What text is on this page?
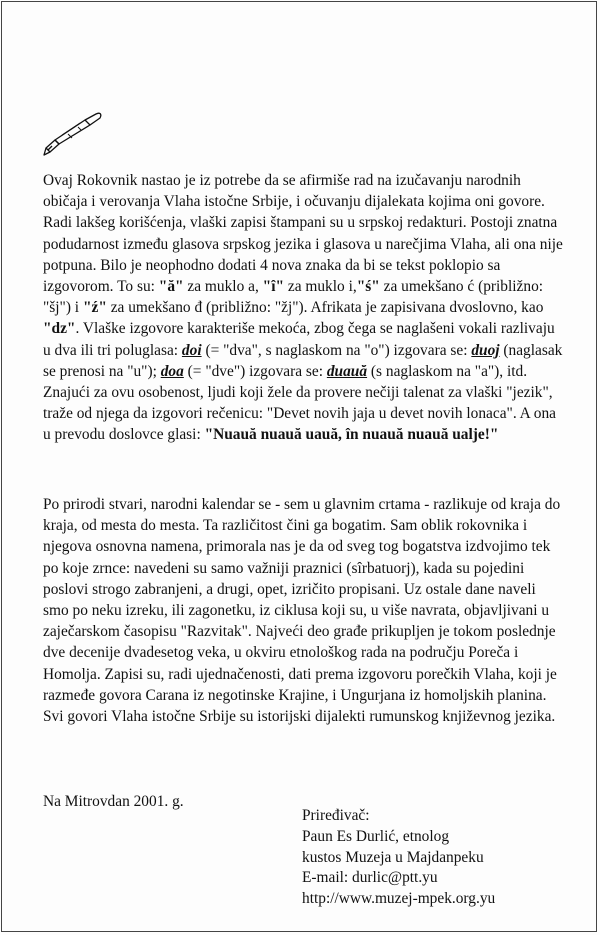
Ovaj Rokovnik nastao je iz potrebe da se afirmiše rad na izučavanju narodnih običaja i verovanja Vlaha istočne Srbije, i očuvanju dijalekata kojima oni govore. Radi lakšeg korišćenja, vlaški zapisi štampani su u srpskoj redakturi. Postoji znatna podudarnost između glasova srpskog jezika i glasova u narečjima Vlaha, ali ona nije potpuna. Bilo je neophodno dodati 4 nova znaka da bi se tekst poklopio sa izgovorom. To su: "ă" za muklo a, "î" za muklo i,"ś" za umekšano ć (približno: "šj") i "ź" za umekšano đ (približno: "žj"). Afrikata je zapisivana dvoslovno, kao "dz". Vlaške izgovore karakteriše mekoća, zbog čega se naglašeni vokali razlivaju u dva ili tri poluglasa: doi (= "dva", s naglaskom na "o") izgovara se: duoj (naglasak se prenosi na "u"); doa (= "dve") izgovara se: duauă (s naglaskom na "a"), itd. Znajući za ovu osobenost, ljudi koji žele da provere nečiji talenat za vlaški "jezik", traže od njega da izgovori rečenicu: "Devet novih jaja u devet novih lonaca". A ona u prevodu doslovce glasi: "Nuauă nuauă uauă, în nuauă nuauă ualje!"

Po prirodi stvari, narodni kalendar se - sem u glavnim crtama - razlikuje od kraja do kraja, od mesta do mesta. Ta različitost čini ga bogatim. Sam oblik rokovnika i njegova osnovna namena, primorala nas je da od sveg tog bogatstva izdvojimo tek po koje zrnce: navedeni su samo važniji praznici (sîrbatuorj), kada su pojedini poslovi strogo zabranjeni, a drugi, opet, izričito propisani. Uz ostale dane naveli smo po neku izreku, ili zagonetku, iz ciklusa koji su, u više navrata, objavljivani u zaječarskom časopisu "Razvitak". Najveći deo građe prikupljen je tokom poslednje dve decenije dvadesetog veka, u okviru etnološkog rada na području Poreča i Homolja. Zapisi su, radi ujednačenosti, dati prema izgovoru porečkih Vlaha, koji je razmeđe govora Carana iz negotinske Krajine, i Ungurjana iz homoljskih planina. Svi govori Vlaha istočne Srbije su istorijski dijalekti rumunskog književnog jezika.

Na Mitrovdan 2001. g.

Priređivač:
Paun Es Durlić, etnolog
kustos Muzeja u Majdanpeku
E-mail: durlic@ptt.yu
http://www.muzej-mpek.org.yu
